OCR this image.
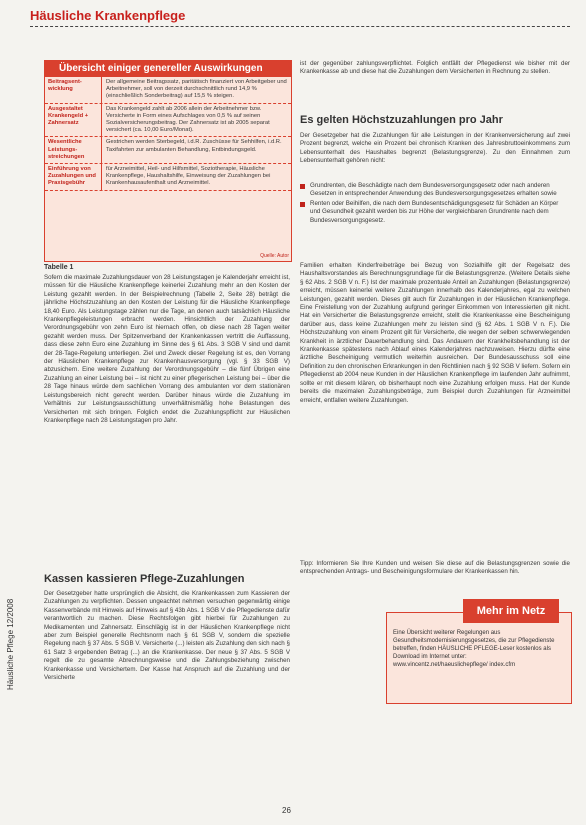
Häusliche Krankenpflege
Häusliche Pflege 12/2008
Übersicht einiger genereller Auswirkungen
Beitragsent-wicklung
Der allgemeine Beitragssatz, paritätisch finanziert von Arbeitgeber und Arbeitnehmer, soll von derzeit durchschnittlich rund 14,9 % (einschließlich Sonderbeitrag) auf 15,5 % steigen.
Ausgestaltet Krankengeld + Zahnersatz
Das Krankengeld zahlt ab 2006 allein der Arbeitnehmer bzw. Versicherte in Form eines Aufschlages von 0,5 % auf seinen Sozialversicherungsbeitrag. Der Zahnersatz ist ab 2005 separat versichert (ca. 10,00 Euro/Monat).
Wesentliche Leistungs-streichungen
Gestrichen werden Sterbegeld, i.d.R. Zuschüsse für Sehhilfen, i.d.R. Taxifahrten zur ambulanten Behandlung, Entbindungsgeld.
Einführung von Zuzahlungen und Praxisgebühr
für Arzneimittel, Heil- und Hilfsmittel, Soziotherapie, Häusliche Krankenpflege, Haushaltshilfe, Einweisung der Zuzahlungen bei Krankenhausaufenthalt und Arzneimittel.
Quelle: Autor
Tabelle 1
Sofern die maximale Zuzahlungsdauer von 28 Leistungstagen je Kalenderjahr erreicht ist, müssen für die Häusliche Krankenpflege keinerlei Zuzahlung mehr an den Kosten der Leistung gezahlt werden. In der Beispielrechnung (Tabelle 2, Seite 28) beträgt die jährliche Höchstzuzahlung an den Kosten der Leistung für die Häusliche Krankenpflege 18,40 Euro. Als Leistungstage zählen nur die Tage, an denen auch tatsächlich Häusliche Krankenpflegeleistungen erbracht werden. Hinsichtlich der Zuzahlung der Verordnungsgebühr von zehn Euro ist hiernach offen, ob diese nach 28 Tagen weiter gezahlt werden muss. Der Spitzenverband der Krankenkassen vertritt die Auffassung, dass diese zehn Euro eine Zuzahlung im Sinne des § 61 Abs. 3 SGB V sind und damit der 28-Tage-Regelung unterliegen. Ziel und Zweck dieser Regelung ist es, den Vorrang der Häuslichen Krankenpflege zur Krankenhausversorgung (vgl. § 33 SGB V) abzusichern. Eine weitere Zuzahlung der Verordnungsgebühr – die fünf Übrigen eine Zuzahlung an einer Leistung bei – ist nicht zu einer pflegerischen Leistung bei – über die 28 Tage hinaus würde dem sachlichen Vorrang des ambulanten vor dem stationären Leistungsbereich nicht gerecht werden. Darüber hinaus würde die Zuzahlung im Verhältnis zur Leistungsausschüttung unverhältnismäßig hohe Belastungen des Versicherten mit sich bringen. Folglich endet die Zuzahlungspflicht zur Häuslichen Krankenpflege nach 28 Leistungstagen pro Jahr.
Kassen kassieren Pflege-Zuzahlungen
Der Gesetzgeber hatte ursprünglich die Absicht, die Krankenkassen zum Kassieren der Zuzahlungen zu verpflichten. Dessen ungeachtet nehmen versuchen gegenwärtig einige Kassenverbände mit Hinweis auf Hinweis auf § 43b Abs. 1 SGB V die Pflegedienste dafür verantwortlich zu machen. Diese Rechtsfolgen gibt hierbei für Zuzahlungen zu Medikamenten und Zahnersatz. Einschlägig ist in der Häuslichen Krankenpflege nicht aber zum Beispiel generelle Rechtsnorm nach § 61 SGB V, sondern die spezielle Regelung nach § 37 Abs. 5 SGB V. Versicherte (...) leisten als Zuzahlung den sich nach § 61 Satz 3 ergebenden Betrag (...) an die Krankenkasse. Der neue § 37 Abs. 5 SGB V regelt die zu gesamte Abrechnungsweise und die Zahlungsbeziehung zwischen Krankenkasse und Versichertem. Der Kasse hat Anspruch auf die Zuzahlung und der Versicherte
ist der gegenüber zahlungsverpflichtet. Folglich entfällt der Pflegedienst wie bisher mit der Krankenkasse ab und diese hat die Zuzahlungen dem Versicherten in Rechnung zu stellen.
Es gelten Höchstzuzahlungen pro Jahr
Der Gesetzgeber hat die Zuzahlungen für alle Leistungen in der Krankenversicherung auf zwei Prozent begrenzt, welche ein Prozent bei chronisch Kranken des Jahresbruttoeinkommens zum Lebensunterhalt des Haushaltes begrenzt (Belastungsgrenze). Zu den Einnahmen zum Lebensunterhalt gehören nicht:
Grundrenten, die Beschädigte nach dem Bundesversorgungsgesetz oder nach anderen Gesetzen in entsprechender Anwendung des Bundesversorgungsgesetzes erhalten sowie
Renten oder Beihilfen, die nach dem Bundesentschädigungsgesetz für Schäden an Körper und Gesundheit gezahlt werden bis zur Höhe der vergleichbaren Grundrente nach dem Bundesversorgungsgesetz.
Familien erhalten Kinderfreibeträge bei Bezug von Sozialhilfe gilt der Regelsatz des Haushaltsvorstandes als Berechnungsgrundlage für die Belastungsgrenze. (Weitere Details siehe § 62 Abs. 2 SGB V n. F.) Ist der maximale prozentuale Anteil an Zuzahlungen (Belastungsgrenze) erreicht, müssen keinerlei weitere Zuzahlungen innerhalb des Kalenderjahres, egal zu welchen Leistungen, gezahlt werden. Dieses gilt auch für Zuzahlungen in der Häuslichen Krankenpflege. Eine Freistellung von der Zuzahlung aufgrund geringer Einkommen von Interessierten gilt nicht. Hat ein Versicherter die Belastungsgrenze erreicht, stellt die Krankenkasse eine Bescheinigung darüber aus, dass keine Zuzahlungen mehr zu leisten sind (§ 62 Abs. 1 SGB V n. F.). Die Höchstzuzahlung von einem Prozent gilt für Versicherte, die wegen der selben schwerwiegenden Krankheit in ärztlicher Dauerbehandlung sind. Das Andauern der Krankheitsbehandlung ist der Krankenkasse spätestens nach Ablauf eines Kalenderjahres nachzuweisen. Hierzu dürfte eine ärztliche Bescheinigung vermutlich weiterhin ausreichen. Der Bundesausschuss soll eine Definition zu den chronischen Erkrankungen in den Richtlinien nach § 92 SGB V liefern. Sofern ein Pflegedienst ab 2004 neue Kunden in der Häuslichen Krankenpflege im laufenden Jahr aufnimmt, sollte er mit diesem klären, ob bisherhaupt noch eine Zuzahlung erfolgen muss. Hat der Kunde bereits die maximalen Zuzahlungsbeträge, zum Beispiel durch Zuzahlungen für Arzneimittel erreicht, entfallen weitere Zuzahlungen.
Tipp: Informieren Sie Ihre Kunden und weisen Sie diese auf die Belastungsgrenzen sowie die entsprechenden Antrags- und Bescheinigungsformulare der Krankenkassen hin.
Mehr im Netz
Eine Übersicht weiterer Regelungen aus Gesundheitsmodernisierungsgesetzes, die zur Pflegedienste betreffen, finden HÄUSLICHE PFLEGE-Leser kostenlos als Download im Internet unter: www.vincentz.net/haeuslichepflege/ index.cfm
26
